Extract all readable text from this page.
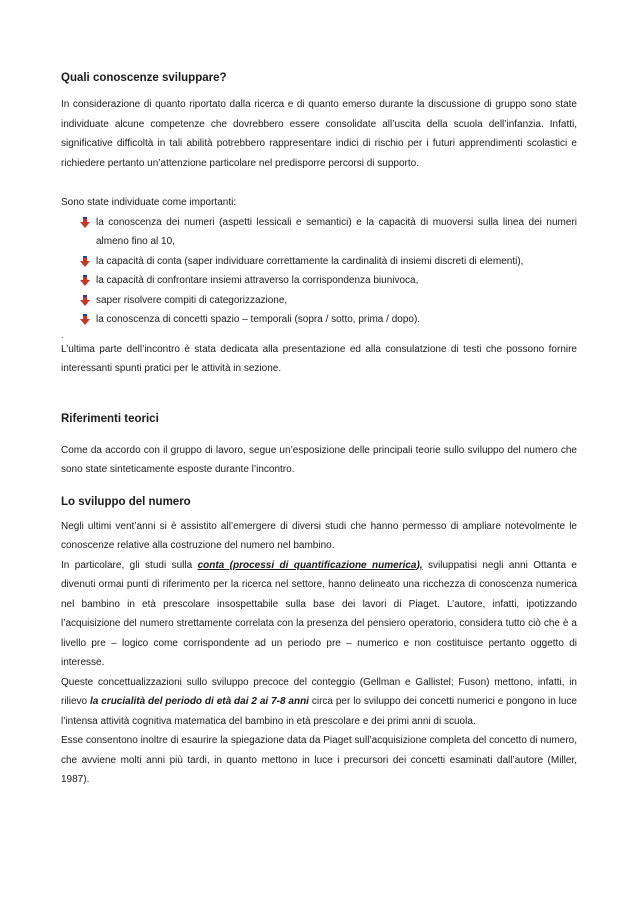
Quali conoscenze sviluppare?

In considerazione di quanto riportato dalla ricerca e di quanto emerso durante la discussione di gruppo sono state individuate alcune competenze che dovrebbero essere consolidate all’uscita della scuola dell’infanzia. Infatti, significative difficoltà in tali abilità potrebbero rappresentare indici di rischio per i futuri apprendimenti scolastici e richiedere pertanto un’attenzione particolare nel predisporre percorsi di supporto.

Sono state individuate come importanti:

la conoscenza dei numeri (aspetti lessicali e semantici) e la capacità di muoversi sulla linea dei numeri almeno fino al 10,
la capacità di conta (saper individuare correttamente la cardinalità di insiemi discreti di elementi),
la capacità di confrontare insiemi attraverso la corrispondenza biunivoca,
saper risolvere compiti di categorizzazione,
la conoscenza di concetti spazio – temporali (sopra / sotto, prima / dopo).

.

L’ultima parte dell’incontro è stata dedicata alla presentazione ed alla consulatzione di testi che possono fornire interessanti spunti pratici per le attività in sezione.

Riferimenti teorici

Come da accordo con il gruppo di lavoro, segue un’esposizione delle principali teorie sullo sviluppo del numero che sono state sinteticamente esposte durante l’incontro.

Lo sviluppo del numero

Negli ultimi vent’anni si è assistito all’emergere di diversi studi che hanno permesso di ampliare notevolmente le conoscenze relative alla costruzione del numero nel bambino.

In particolare, gli studi sulla conta (processi di quantificazione numerica), sviluppatisi negli anni Ottanta e divenuti ormai punti di riferimento per la ricerca nel settore, hanno delineato una ricchezza di conoscenza numerica nel bambino in età prescolare insospettabile sulla base dei lavori di Piaget. L’autore, infatti, ipotizzando l’acquisizione del numero strettamente correlata con la presenza del pensiero operatorio, considera tutto ciò che è a livello pre – logico come corrispondente ad un periodo pre – numerico e non costituisce pertanto oggetto di interesse.

Queste concettualizzazioni sullo sviluppo precoce del conteggio (Gellman e Gallistel; Fuson) mettono, infatti, in rilievo la crucialità del periodo di età dai 2 ai 7-8 anni circa per lo sviluppo dei concetti numerici e pongono in luce l’intensa attività cognitiva matematica del bambino in età prescolare e dei primi anni di scuola.

Esse consentono inoltre di esaurire la spiegazione data da Piaget sull’acquisizione completa del concetto di numero, che avviene molti anni più tardi, in quanto mettono in luce i precursori dei concetti esaminati dall’autore (Miller, 1987).
